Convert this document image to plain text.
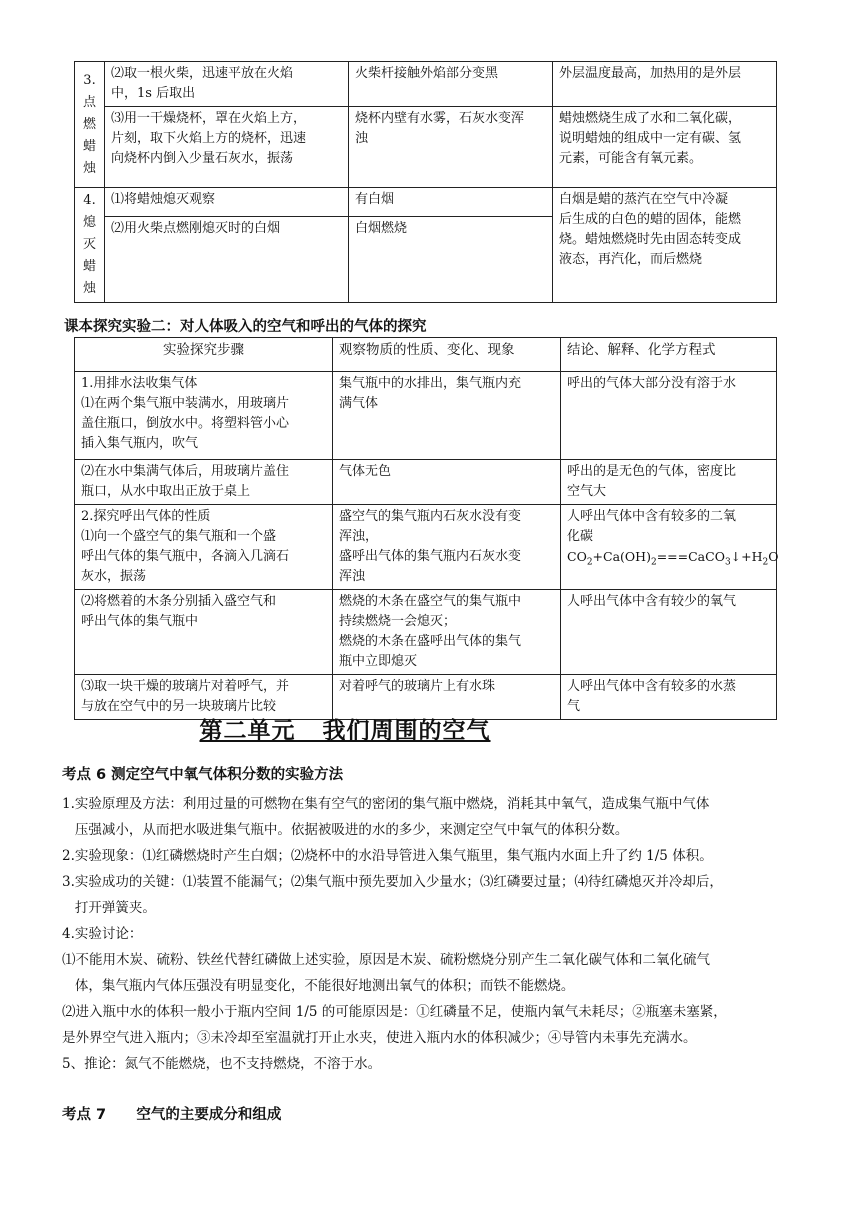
3.
点
燃
蜡
烛	⑵取一根火柴，迅速平放在火焰
中，1s 后取出	火柴杆接触外焰部分变黑	外层温度最高，加热用的是外层

	⑶用一干燥烧杯，罩在火焰上方，
片刻，取下火焰上方的烧杯，迅速
向烧杯内倒入少量石灰水，振荡	烧杯内壁有水雾，石灰水变浑
浊	蜡烛燃烧生成了水和二氧化碳，
说明蜡烛的组成中一定有碳、氢
元素，可能含有氧元素。

4.
熄
灭
蜡
烛	⑴将蜡烛熄灭观察	有白烟	白烟是蜡的蒸汽在空气中冷凝
后生成的白色的蜡的固体，能燃
烧。蜡烛燃烧时先由固态转变成
液态，再汽化，而后燃烧

	⑵用火柴点燃刚熄灭时的白烟	白烟燃烧	
课本探究实验二：对人体吸入的空气和呼出的气体的探究
实验探究步骤	观察物质的性质、变化、现象	结论、解释、化学方程式

1.用排水法收集气体
⑴在两个集气瓶中装满水，用玻璃片
盖住瓶口，倒放水中。将塑料管小心
插入集气瓶内，吹气	集气瓶中的水排出，集气瓶内充
满气体	呼出的气体大部分没有溶于水

⑵在水中集满气体后，用玻璃片盖住
瓶口，从水中取出正放于桌上	气体无色	呼出的是无色的气体，密度比
空气大

2.探究呼出气体的性质
⑴向一个盛空气的集气瓶和一个盛
呼出气体的集气瓶中，各滴入几滴石
灰水，振荡	盛空气的集气瓶内石灰水没有变
浑浊，
盛呼出气体的集气瓶内石灰水变
浑浊	人呼出气体中含有较多的二氧
化碳
$CO_2+Ca(OH)_2===CaCO_3↓+H_2O$

⑵将燃着的木条分别插入盛空气和
呼出气体的集气瓶中	燃烧的木条在盛空气的集气瓶中
持续燃烧一会熄灭；
燃烧的木条在盛呼出气体的集气
瓶中立即熄灭	人呼出气体中含有较少的氧气

⑶取一块干燥的玻璃片对着呼气，并
与放在空气中的另一块玻璃片比较	对着呼气的玻璃片上有水珠	人呼出气体中含有较多的水蒸
气
第二单元   我们周围的空气
考点 6 测定空气中氧气体积分数的实验方法
1.实验原理及方法：利用过量的可燃物在集有空气的密闭的集气瓶中燃烧，消耗其中氧气，造成集气瓶中气体
压强减小，从而把水吸进集气瓶中。依据被吸进的水的多少，来测定空气中氧气的体积分数。
2.实验现象：⑴红磷燃烧时产生白烟；⑵烧杯中的水沿导管进入集气瓶里，集气瓶内水面上升了约 1/5 体积。
3.实验成功的关键：⑴装置不能漏气；⑵集气瓶中预先要加入少量水；⑶红磷要过量；⑷待红磷熄灭并冷却后，
打开弹簧夹。
4.实验讨论：
⑴不能用木炭、硫粉、铁丝代替红磷做上述实验，原因是木炭、硫粉燃烧分别产生二氧化碳气体和二氧化硫气
体，集气瓶内气体压强没有明显变化，不能很好地测出氧气的体积；而铁不能燃烧。
⑵进入瓶中水的体积一般小于瓶内空间 1/5 的可能原因是：①红磷量不足，使瓶内氧气未耗尽；②瓶塞未塞紧，
是外界空气进入瓶内；③未冷却至室温就打开止水夹，使进入瓶内水的体积减少；④导管内未事先充满水。
5、推论：氮气不能燃烧，也不支持燃烧，不溶于水。
考点 7      空气的主要成分和组成
